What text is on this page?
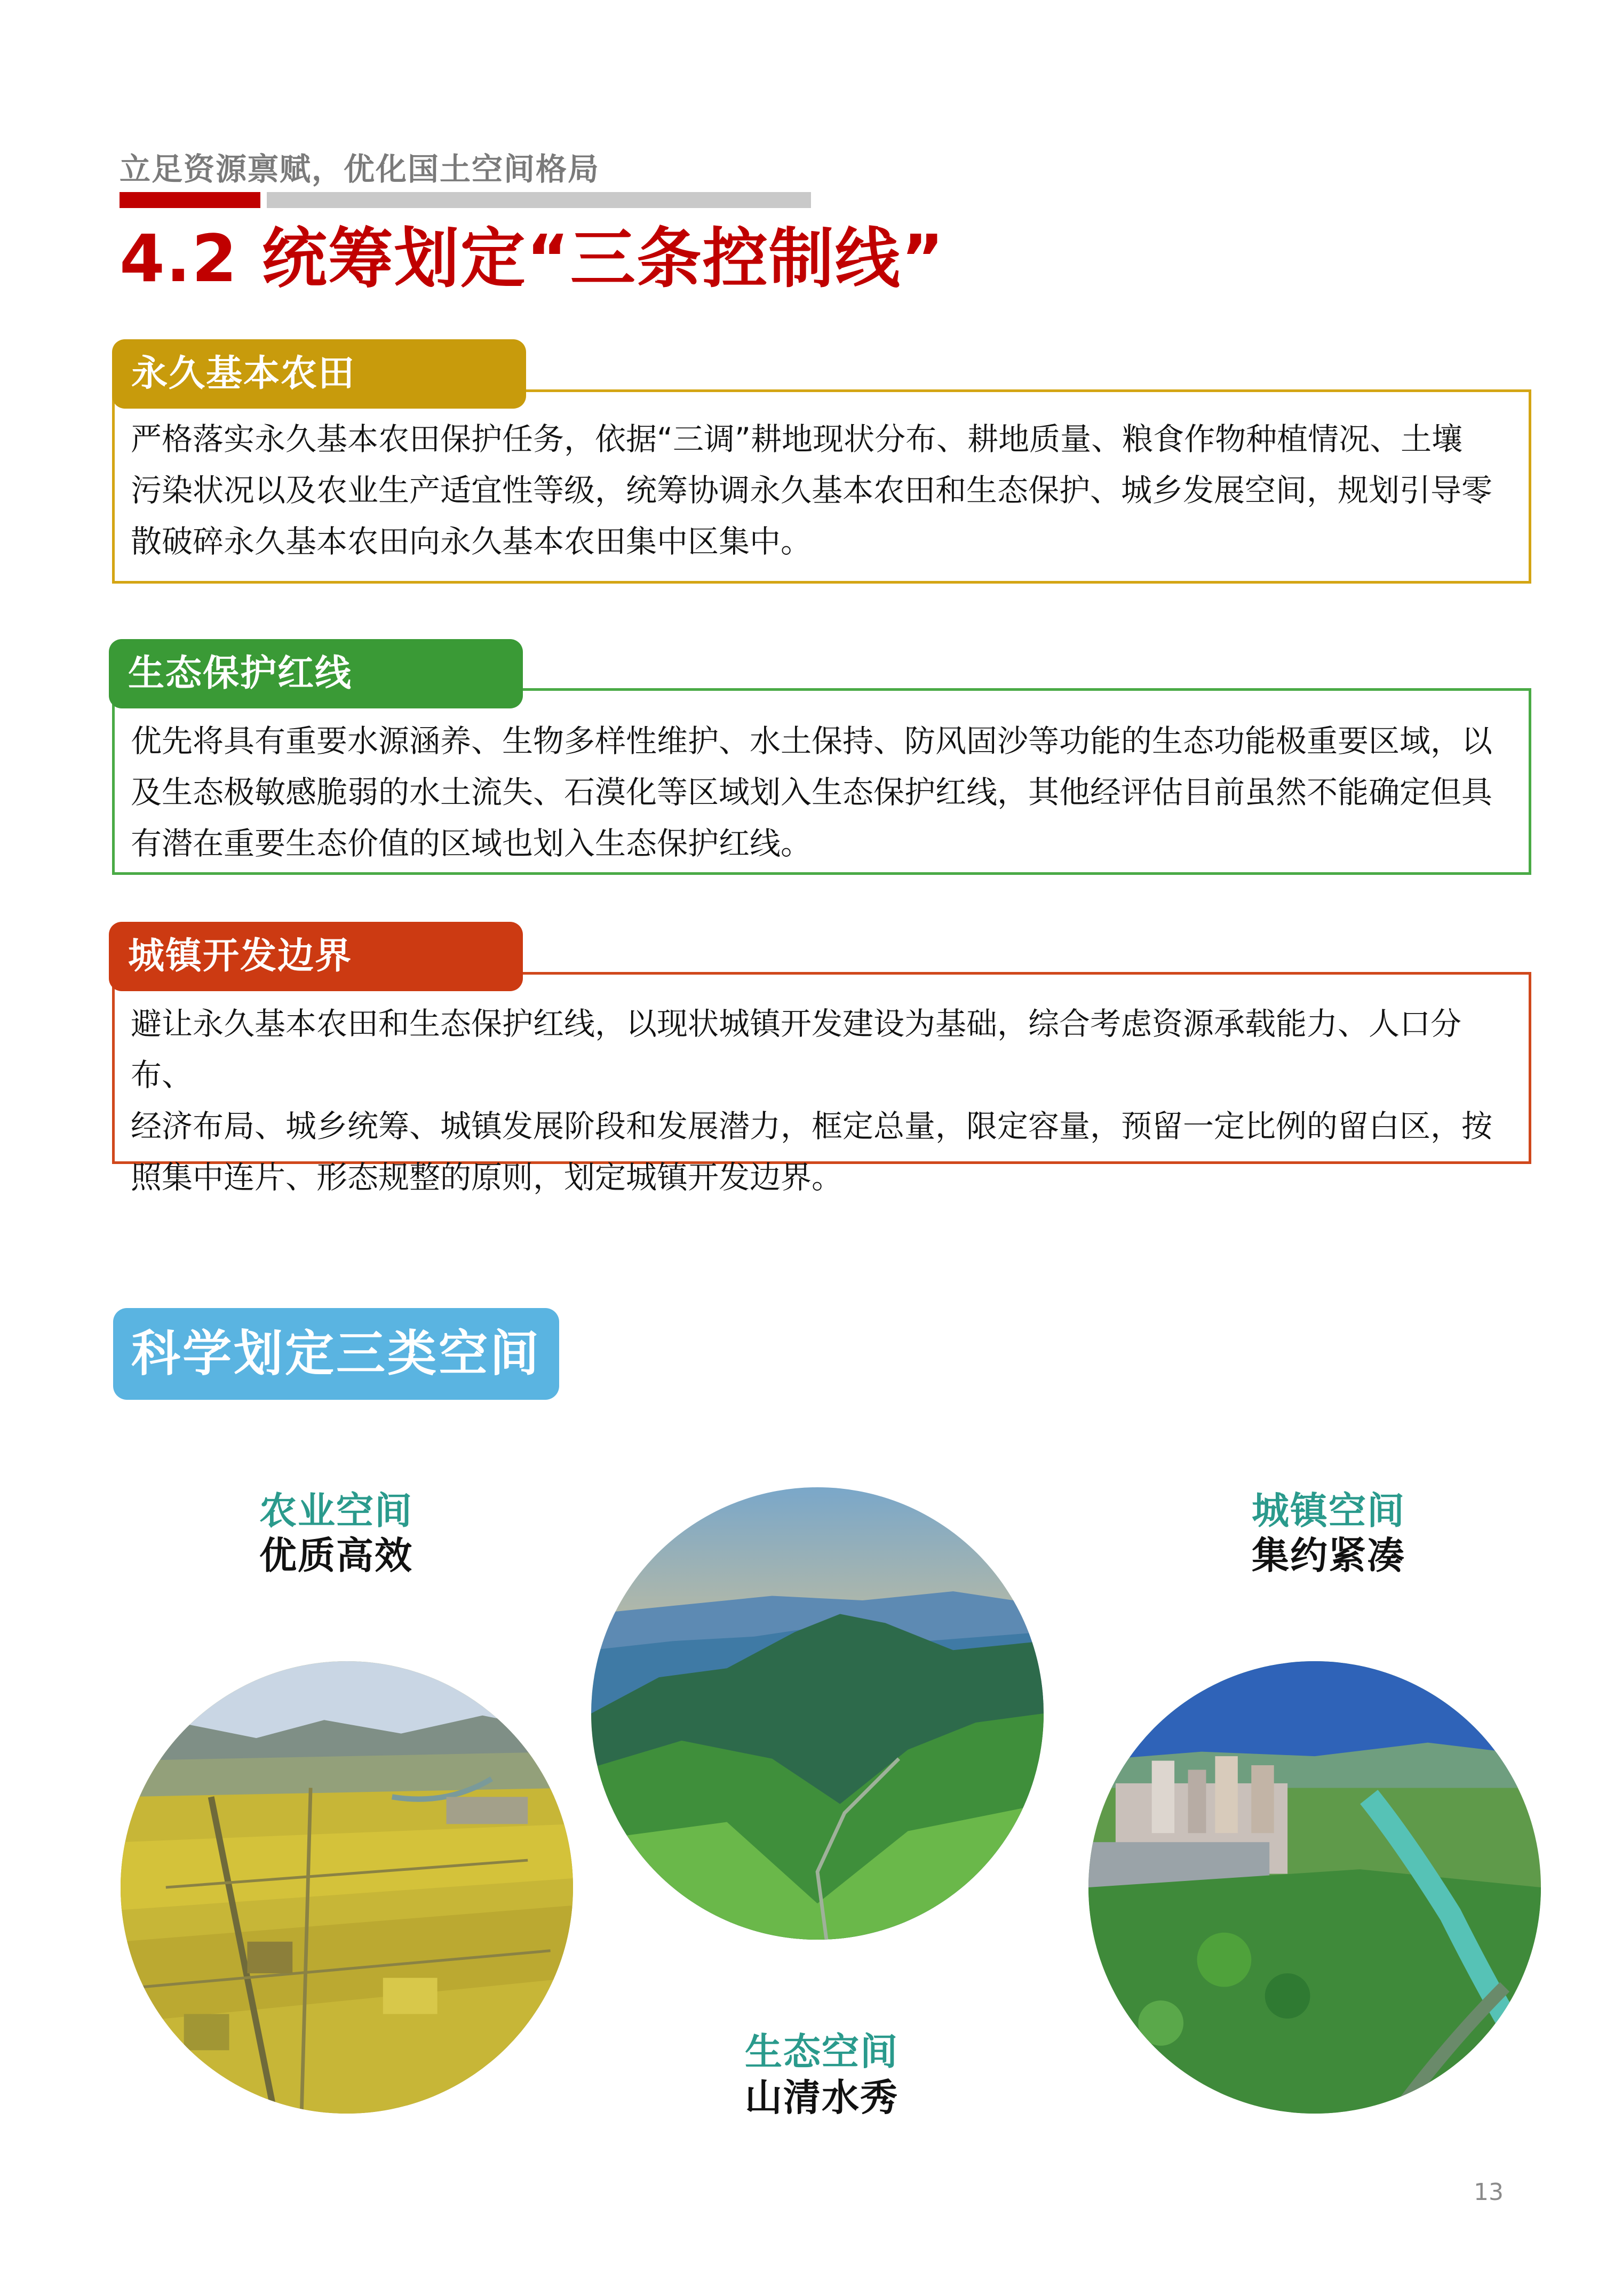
立足资源禀赋，优化国土空间格局
4.2 统筹划定“三条控制线”
严格落实永久基本农田保护任务，依据“三调”耕地现状分布、耕地质量、粮食作物种植情况、土壤
污染状况以及农业生产适宜性等级，统筹协调永久基本农田和生态保护、城乡发展空间，规划引导零
散破碎永久基本农田向永久基本农田集中区集中。
永久基本农田
优先将具有重要水源涵养、生物多样性维护、水土保持、防风固沙等功能的生态功能极重要区域，以
及生态极敏感脆弱的水土流失、石漠化等区域划入生态保护红线，其他经评估目前虽然不能确定但具
有潜在重要生态价值的区域也划入生态保护红线。
生态保护红线
避让永久基本农田和生态保护红线，以现状城镇开发建设为基础，综合考虑资源承载能力、人口分布、
经济布局、城乡统筹、城镇发展阶段和发展潜力，框定总量，限定容量，预留一定比例的留白区，按
照集中连片、形态规整的原则，划定城镇开发边界。
城镇开发边界
科学划定三类空间
农业空间
优质高效
城镇空间
集约紧凑
生态空间
山清水秀
13
